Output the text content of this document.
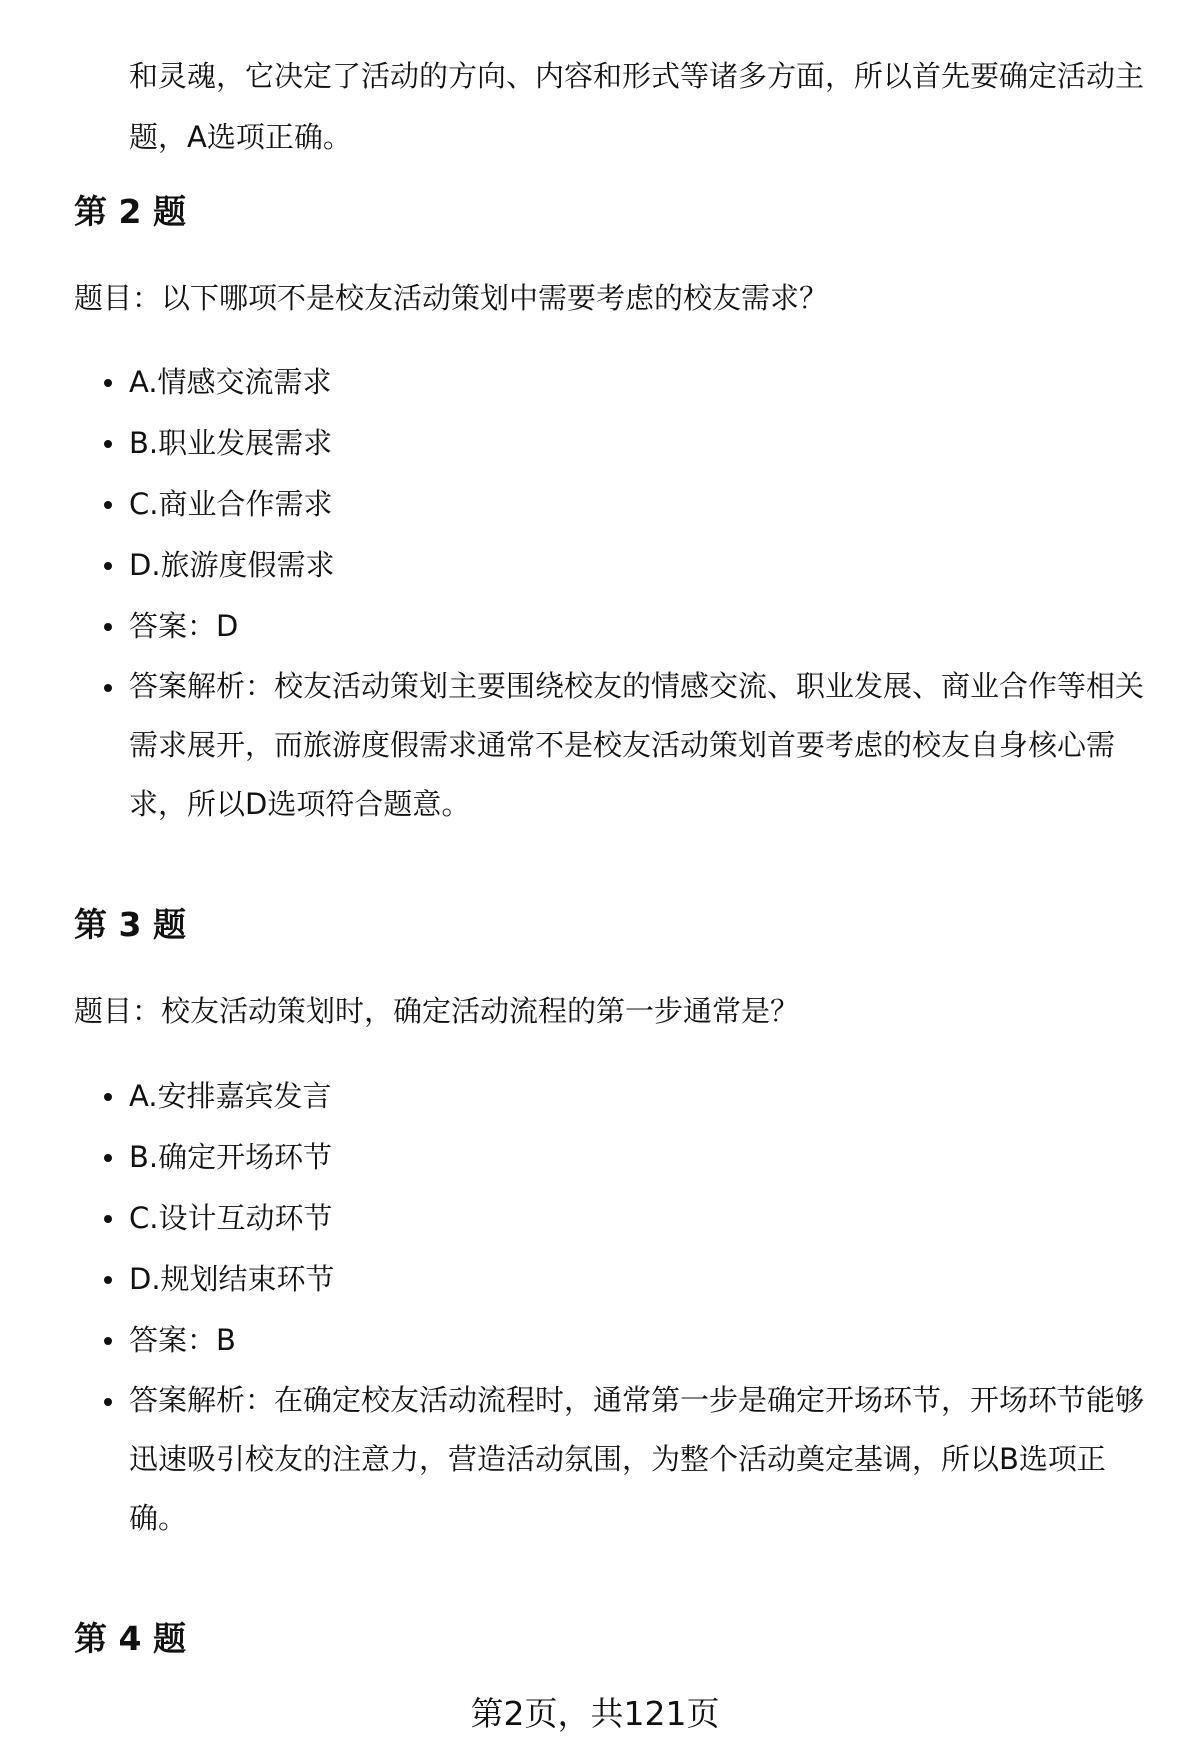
和灵魂，它决定了活动的方向、内容和形式等诸多方面，所以首先要确定活动主题，A选项正确。

第 2 题

题目：以下哪项不是校友活动策划中需要考虑的校友需求？

A.情感交流需求
B.职业发展需求
C.商业合作需求
D.旅游度假需求
答案：D
答案解析：校友活动策划主要围绕校友的情感交流、职业发展、商业合作等相关需求展开，而旅游度假需求通常不是校友活动策划首要考虑的校友自身核心需求，所以D选项符合题意。
第 3 题

题目：校友活动策划时，确定活动流程的第一步通常是？

A.安排嘉宾发言
B.确定开场环节
C.设计互动环节
D.规划结束环节
答案：B
答案解析：在确定校友活动流程时，通常第一步是确定开场环节，开场环节能够迅速吸引校友的注意力，营造活动氛围，为整个活动奠定基调，所以B选项正确。
第 4 题
第2页，共121页
